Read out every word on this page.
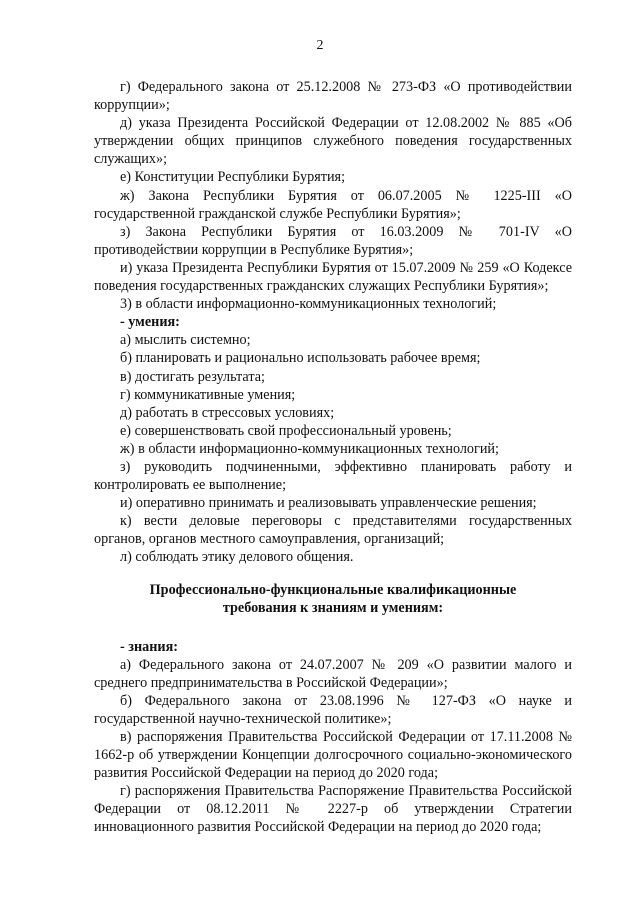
2
г) Федерального закона от 25.12.2008 № 273-ФЗ «О противодействии коррупции»;
д) указа Президента Российской Федерации от 12.08.2002 № 885 «Об утверждении общих принципов служебного поведения государственных служащих»;
е) Конституции Республики Бурятия;
ж) Закона Республики Бурятия от 06.07.2005 № 1225-III «О государственной гражданской службе Республики Бурятия»;
з) Закона Республики Бурятия от 16.03.2009 № 701-IV «О противодействии коррупции в Республике Бурятия»;
и) указа Президента Республики Бурятия от 15.07.2009 № 259 «О Кодексе поведения государственных гражданских служащих Республики Бурятия»;
3) в области информационно-коммуникационных технологий;
- умения:
а) мыслить системно;
б) планировать и рационально использовать рабочее время;
в) достигать результата;
г) коммуникативные умения;
д) работать в стрессовых условиях;
е) совершенствовать свой профессиональный уровень;
ж) в области информационно-коммуникационных технологий;
з) руководить подчиненными, эффективно планировать работу и контролировать ее выполнение;
и) оперативно принимать и реализовывать управленческие решения;
к) вести деловые переговоры с представителями государственных органов, органов местного самоуправления, организаций;
л) соблюдать этику делового общения.
Профессионально-функциональные квалификационные
требования к знаниям и умениям:
- знания:
а) Федерального закона от 24.07.2007 № 209 «О развитии малого и среднего предпринимательства в Российской Федерации»;
б) Федерального закона от 23.08.1996 № 127-ФЗ «О науке и государственной научно-технической политике»;
в) распоряжения Правительства Российской Федерации от 17.11.2008 № 1662-р об утверждении Концепции долгосрочного социально-экономического развития Российской Федерации на период до 2020 года;
г) распоряжения Правительства Распоряжение Правительства Российской Федерации от 08.12.2011 № 2227-р об утверждении Стратегии инновационного развития Российской Федерации на период до 2020 года;
